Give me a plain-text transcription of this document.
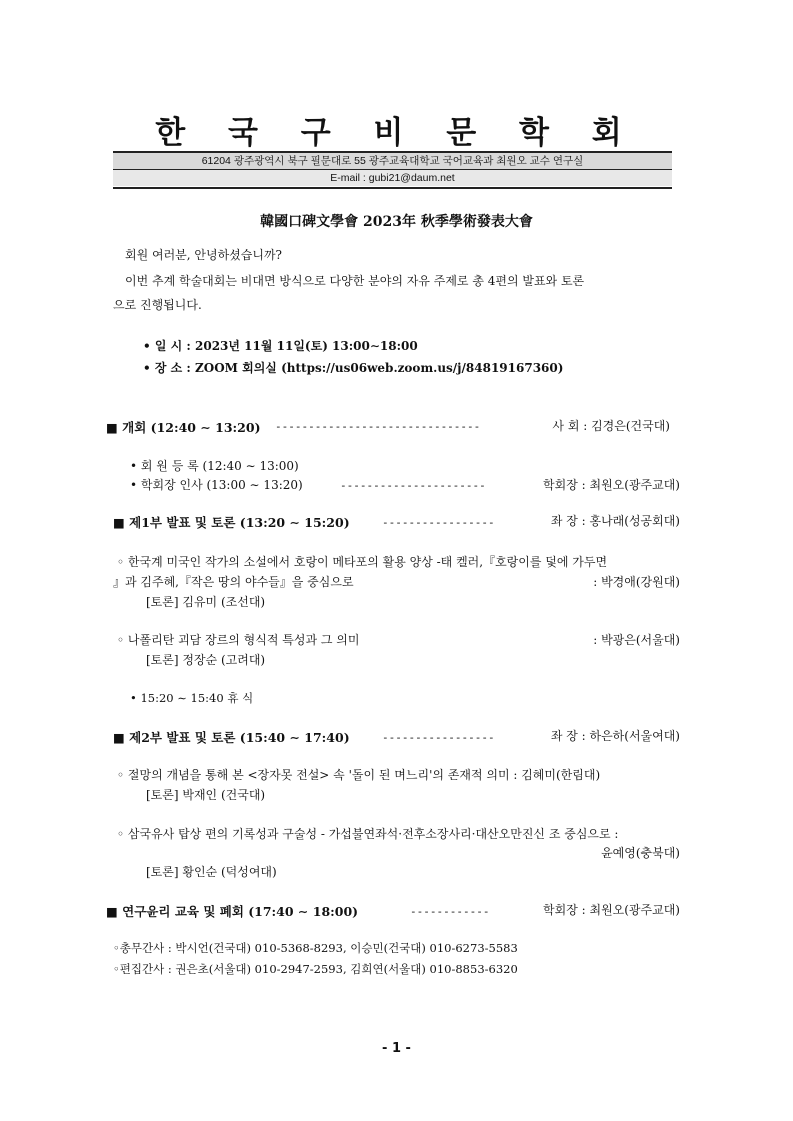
한 국 구 비 문 학 회
61204 광주광역시 북구 필문대로 55 광주교육대학교 국어교육과 최원오 교수 연구실
E-mail : gubi21@daum.net
韓國口碑文學會 2023年 秋季學術發表大會
회원 여러분, 안녕하셨습니까?
이번 추계 학술대회는 비대면 방식으로 다양한 분야의 자유 주제로 총 4편의 발표와 토론
으로 진행됩니다.
• 일 시 : 2023년 11월 11일(토) 13:00∼18:00
• 장 소 : ZOOM 회의실 (https://us06web.zoom.us/j/84819167360)
■ 개회 (12:40 ∼ 13:20) -------------------------------	사 회 : 김경은(건국대)
• 회 원 등 록 (12:40 ∼ 13:00)
• 학회장 인사 (13:00 ∼ 13:20)	----------------------	학회장 : 최원오(광주교대)
■ 제1부 발표 및 토론 (13:20 ∼ 15:20)	-----------------	좌 장 : 홍나래(성공회대)
◦ 한국계 미국인 작가의 소설에서 호랑이 메타포의 활용 양상 -태 켈러,『호랑이를 덫에 가두면
』과 김주혜,『작은 땅의 야수들』을 중심으로	: 박경애(강원대)
[토론] 김유미 (조선대)
◦ 나폴리탄 괴담 장르의 형식적 특성과 그 의미	: 박광은(서울대)
[토론] 정장순 (고려대)
• 15:20 ∼ 15:40 휴 식
■ 제2부 발표 및 토론 (15:40 ∼ 17:40)	-----------------	좌 장 : 하은하(서울여대)
◦ 절망의 개념을 통해 본 <장자못 전설> 속 '돌이 된 며느리'의 존재적 의미 : 김혜미(한림대)
[토론] 박재인 (건국대)
◦ 삼국유사 탑상 편의 기록성과 구술성 - 가섭불연좌석·전후소장사리·대산오만진신 조 중심으로 :
윤예영(충북대)
[토론] 황인순 (덕성여대)
■ 연구윤리 교육 및 폐회 (17:40 ∼ 18:00)	------------	학회장 : 최원오(광주교대)
◦총무간사 : 박시언(건국대) 010-5368-8293, 이승민(건국대) 010-6273-5583
◦편집간사 : 권은초(서울대) 010-2947-2593, 김희연(서울대) 010-8853-6320
- 1 -
